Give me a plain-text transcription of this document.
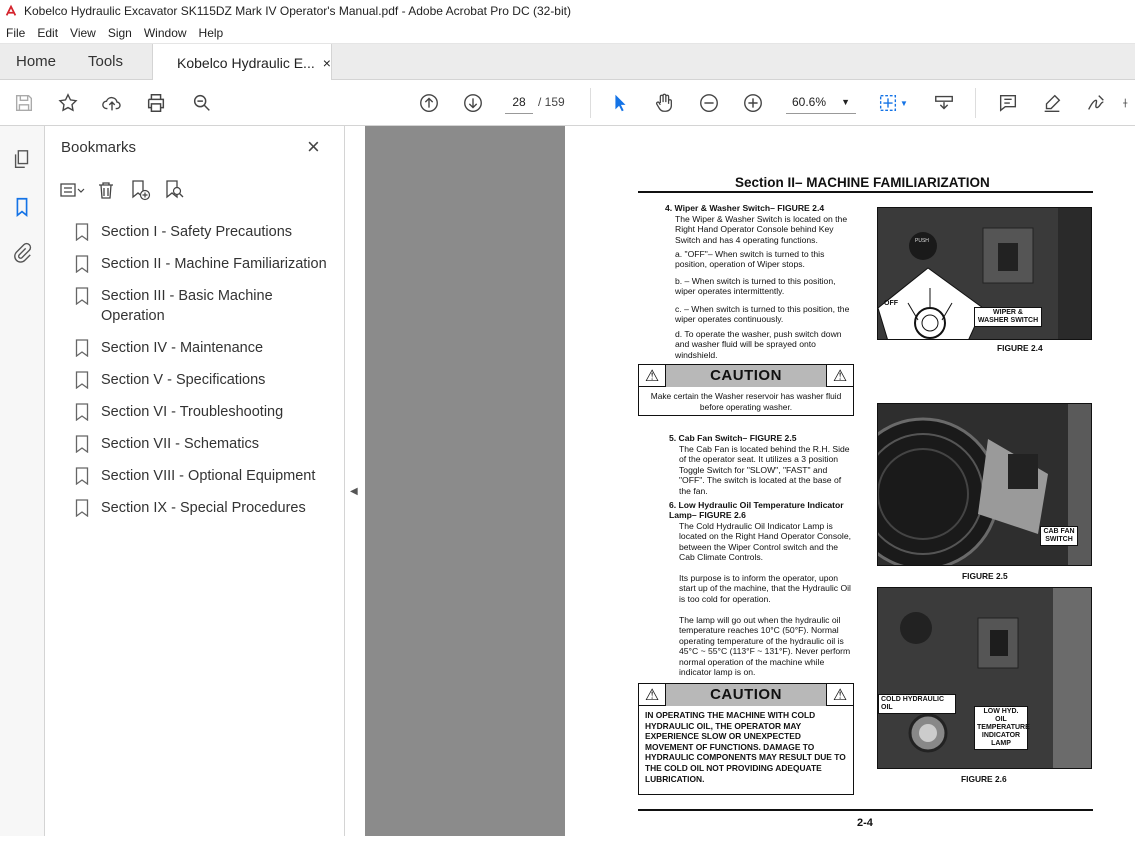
Kobelco Hydraulic Excavator SK115DZ Mark IV Operator's Manual.pdf - Adobe Acrobat Pro DC (32-bit)
File	Edit	View	Sign	Window	Help
Home Tools	Kobelco Hydraulic E... ×
28	/ 159	60.6% ▼	▼
Bookmarks	×
Section I - Safety Precautions
Section II - Machine Familiarization
Section III - Basic Machine Operation
Section IV - Maintenance
Section V - Specifications
Section VI - Troubleshooting
Section VII - Schematics
Section VIII - Optional Equipment
Section IX - Special Procedures
◀
Section II– MACHINE FAMILIARIZATION
4. Wiper & Washer Switch– FIGURE 2.4
The Wiper & Washer Switch is located on the Right Hand Operator Console behind Key Switch and has 4 operating functions.
a. "OFF"– When switch is turned to this position, operation of Wiper stops.
b. – When switch is turned to this position, wiper operates intermittently.
c. – When switch is turned to this position, the wiper operates continuously.
d. To operate the washer, push switch down and washer fluid will be sprayed onto windshield.
⚠	CAUTION	⚠
Make certain the Washer reservoir has washer fluid before operating washer.
5. Cab Fan Switch– FIGURE 2.5
The Cab Fan is located behind the R.H. Side of the operator seat. It utilizes a 3 position Toggle Switch for "SLOW", "FAST" and "OFF". The switch is located at the base of the fan.
6. Low Hydraulic Oil Temperature Indicator Lamp– FIGURE 2.6
The Cold Hydraulic Oil Indicator Lamp is located on the Right Hand Operator Console, between the Wiper Control switch and the Cab Climate Controls.
Its purpose is to inform the operator, upon start up of the machine, that the Hydraulic Oil is too cold for operation.
The lamp will go out when the hydraulic oil temperature reaches 10°C (50°F). Normal operating temperature of the hydraulic oil is 45°C ~ 55°C (113°F ~ 131°F). Never perform normal operation of the machine while indicator lamp is on.
⚠	CAUTION	⚠
IN OPERATING THE MACHINE WITH COLD HYDRAULIC OIL, THE OPERATOR MAY EXPERIENCE SLOW OR UNEXPECTED MOVEMENT OF FUNCTIONS. DAMAGE TO HYDRAULIC COMPONENTS MAY RESULT DUE TO THE COLD OIL NOT PROVIDING ADEQUATE LUBRICATION.
OFF
PUSH
WIPER & WASHER SWITCH
FIGURE 2.4
CAB FAN SWITCH
FIGURE 2.5
COLD HYDRAULIC OIL
LOW HYD. OIL TEMPERATURE INDICATOR LAMP
FIGURE 2.6
2-4
